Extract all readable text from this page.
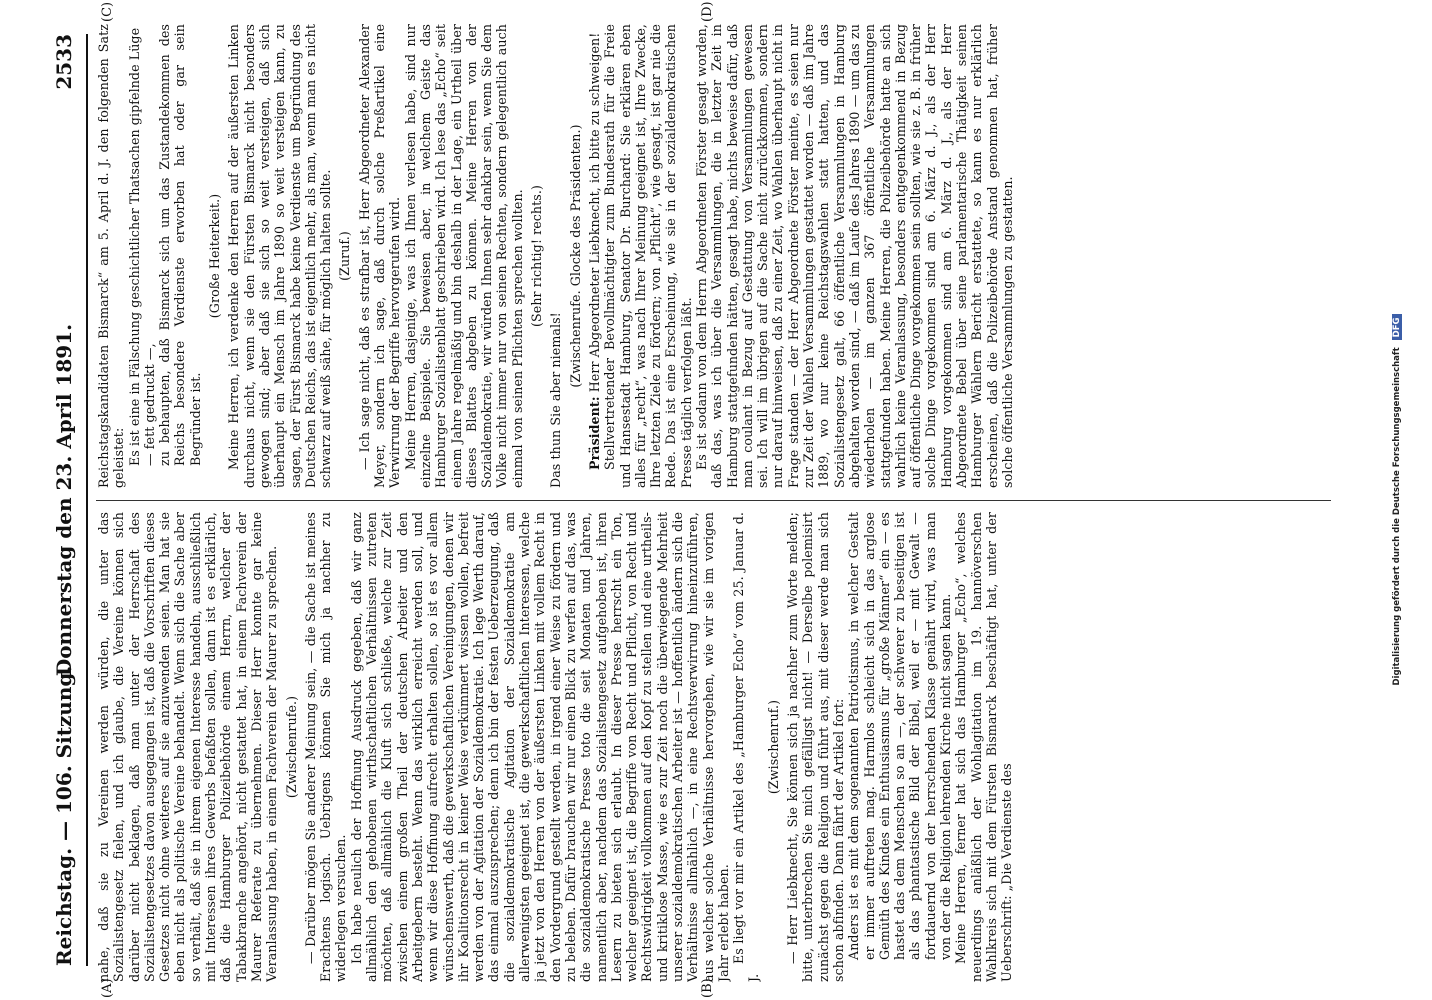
Reichstag. — 106. Sitzung.
Donnerstag den 23. April 1891.
2533
(A)	(B)
(C)	(D)

nahe, daß sie zu Vereinen werden würden, die unter das Sozialistengesetz fielen, und ich glaube, die Vereine können sich darüber nicht beklagen, daß man unter der Herrschaft des Sozialistengesetzes davon ausgegangen ist, daß die Vorschriften dieses Gesetzes nicht ohne weiteres auf sie anzuwenden seien. Man hat sie eben nicht als politische Vereine behandelt. Wenn sich die Sache aber so verhält, daß sie in ihrem eigenen Interesse handeln, ausschließlich mit Interessen ihres Gewerbs befaßten sollen, dann ist es erklärlich, daß die Hamburger Polizeibehörde einem Herrn, welcher der Tabakbranche angehört, nicht gestattet hat, in einem Fachverein der Maurer Referate zu übernehmen. Dieser Herr konnte gar keine Veranlassung haben, in einem Fachverein der Maurer zu sprechen. (Zwischenrufe.) — Darüber mögen Sie anderer Meinung sein, — die Sache ist meines Erachtens logisch. Uebrigens können Sie mich ja nachher zu widerlegen versuchen. Ich habe neulich der Hoffnung Ausdruck gegeben, daß wir ganz allmählich den gehobenen wirthschaftlichen Verhältnissen zutreten möchten, daß allmählich die Kluft sich schließe, welche zur Zeit zwischen einem großen Theil der deutschen Arbeiter und den Arbeitgebern besteht. Wenn das wirklich erreicht werden soll, und wenn wir diese Hoffnung aufrecht erhalten sollen, so ist es vor allem wünschenswerth, daß die gewerkschaftlichen Vereinigungen, denen wir ihr Koalitionsrecht in keiner Weise verkümmert wissen wollen, befreit werden von der Agitation der Sozialdemokratie. Ich lege Werth darauf, das einmal auszusprechen; denn ich bin der festen Ueberzeugung, daß die sozialdemokratische Agitation der Sozialdemokratie am allerwenigsten geeignet ist, die gewerkschaftlichen Interessen, welche ja jetzt von den Herren von der äußersten Linken mit vollem Recht in den Vordergrund gestellt werden, in irgend einer Weise zu fördern und zu beleben. Dafür brauchen wir nur einen Blick zu werfen auf das, was die sozialdemokratische Presse toto die seit Monaten und Jahren, namentlich aber, nachdem das Sozialistengesetz aufgehoben ist, ihren Lesern zu bieten sich erlaubt. In dieser Presse herrscht ein Ton, welcher geeignet ist, die Begriffe von Recht und Pflicht, von Recht und Rechtswidrigkeit vollkommen auf den Kopf zu stellen und eine urtheils- und kritiklose Masse, wie es zur Zeit noch die überwiegende Mehrheit unserer sozialdemokratischen Arbeiter ist — hoffentlich ändern sich die Verhältnisse allmählich —, in eine Rechtsverwirrung hineinzuführen, aus welcher solche Verhältnisse hervorgehen, wie wir sie im vorigen Jahr erlebt haben. Es liegt vor mir ein Artikel des „Hamburger Echo“ vom 25. Januar d. J.

(Zwischenruf.) — Herr Liebknecht, Sie können sich ja nachher zum Worte melden; bitte, unterbrechen Sie mich gefälligst nicht! — Derselbe polemisirt zunächst gegen die Religion und führt aus, mit dieser werde man sich schon abfinden. Dann fährt der Artikel fort: Anders ist es mit dem sogenannten Patriotismus, in welcher Gestalt er immer auftreten mag. Harmlos schleicht sich in das arglose Gemüth des Kindes ein Enthusiasmus für „große Männer“ ein — es hastet das dem Menschen so an —, der schwerer zu beseitigen ist als das phantastische Bild der Bibel, weil er — mit Gewalt — fortdauernd von der herrschenden Klasse genährt wird, was man von der die Religion lehrenden Kirche nicht sagen kann. Meine Herren, ferner hat sich das Hamburger „Echo“, welches neuerdings anläßlich der Wohlagitation im 19. hannöverschen Wahlkreis sich mit dem Fürsten Bismarck beschäftigt hat, unter der Ueberschrift: „Die Verdienste des

Reichstagskandidaten Bismarck“ am 5. April d. J. den folgenden Satz geleistet: Es ist eine in Fälschung geschichtlicher Thatsachen gipfelnde Lüge — fett gedruckt —, zu behaupten, daß Bismarck sich um das Zustandekommen des Reichs besondere Verdienste erworben hat oder gar sein Begründer ist.

(Große Heiterkeit.) Meine Herren, ich verdenke den Herren auf der äußersten Linken durchaus nicht, wenn sie den Fürsten Bismarck nicht besonders gewogen sind; aber daß sie sich so weit versteigen, daß sich überhaupt ein Mensch im Jahre 1890 so weit versteigen kann, zu sagen, der Fürst Bismarck habe keine Verdienste um Begründung des Deutschen Reichs, das ist eigentlich mehr, als man, wenn man es nicht schwarz auf weiß sähe, für möglich halten sollte. (Zuruf.) — Ich sage nicht, daß es strafbar ist, Herr Abgeordneter Alexander Meyer, sondern ich sage, daß durch solche Preßartikel eine Verwirrung der Begriffe hervorgerufen wird. Meine Herren, dasjenige, was ich Ihnen verlesen habe, sind nur einzelne Beispiele. Sie beweisen aber, in welchem Geiste das Hamburger Sozialistenblatt geschrieben wird. Ich lese das „Echo“ seit einem Jahre regelmäßig und bin deshalb in der Lage, ein Urtheil über dieses Blattes abgeben zu können. Meine Herren von der Sozialdemokratie, wir würden Ihnen sehr dankbar sein, wenn Sie dem Volke nicht immer nur von seinen Rechten, sondern gelegentlich auch einmal von seinen Pflichten sprechen wollten. (Sehr richtig! rechts.)

Das thun Sie aber niemals!

(Zwischenrufe. Glocke des Präsidenten.)

Präsident: Herr Abgeordneter Liebknecht, ich bitte zu schweigen! Stellvertretender Bevollmächtigter zum Bundesrath für die Freie und Hansestadt Hamburg, Senator Dr. Burchard: Sie erklären eben alles für „recht“, was nach Ihrer Meinung geeignet ist, Ihre Zwecke, Ihre letzten Ziele zu fördern; von „Pflicht“, wie gesagt, ist gar nie die Rede. Das ist eine Erscheinung, wie sie in der sozialdemokratischen Presse täglich verfolgen läßt. Es ist sodann von dem Herrn Abgeordneten Förster gesagt worden, daß das, was ich über die Versammlungen, die in letzter Zeit in Hamburg stattgefunden hätten, gesagt habe, nichts beweise dafür, daß man coulant in Bezug auf Gestattung von Versammlungen gewesen sei. Ich will im übrigen auf die Sache nicht zurückkommen, sondern nur darauf hinweisen, daß zu einer Zeit, wo Wahlen überhaupt nicht in Frage standen — der Herr Abgeordnete Förster meinte, es seien nur zur Zeit der Wahlen Versammlungen gestattet worden — daß im Jahre 1889, wo nur keine Reichstagswahlen statt hatten, und das Sozialistengesetz galt, 66 öffentliche Versammlungen in Hamburg abgehalten worden sind, — daß im Laufe des Jahres 1890 — um das zu wiederholen — im ganzen 367 öffentliche Versammlungen stattgefunden haben. Meine Herren, die Polizeibehörde hatte an sich wahrlich keine Veranlassung, besonders entgegenkommend in Bezug auf öffentliche Dinge vorgekommen sein sollten, wie sie z. B. in früher solche Dinge vorgekommen sind am 6. März d. J., als der Herr Hamburg vorgekommen sind am 6. März d. J., als der Herr Abgeordnete Bebel über seine parlamentarische Thätigkeit seinen Hamburger Wählern Bericht erstattete, so kann es nur erklärlich erscheinen, daß die Polizeibehörde Anstand genommen hat, früher solche öffentliche Versammlungen zu gestatten.

Digitalisierung gefördert durch die Deutsche Forschungsgemeinschaft DFG
